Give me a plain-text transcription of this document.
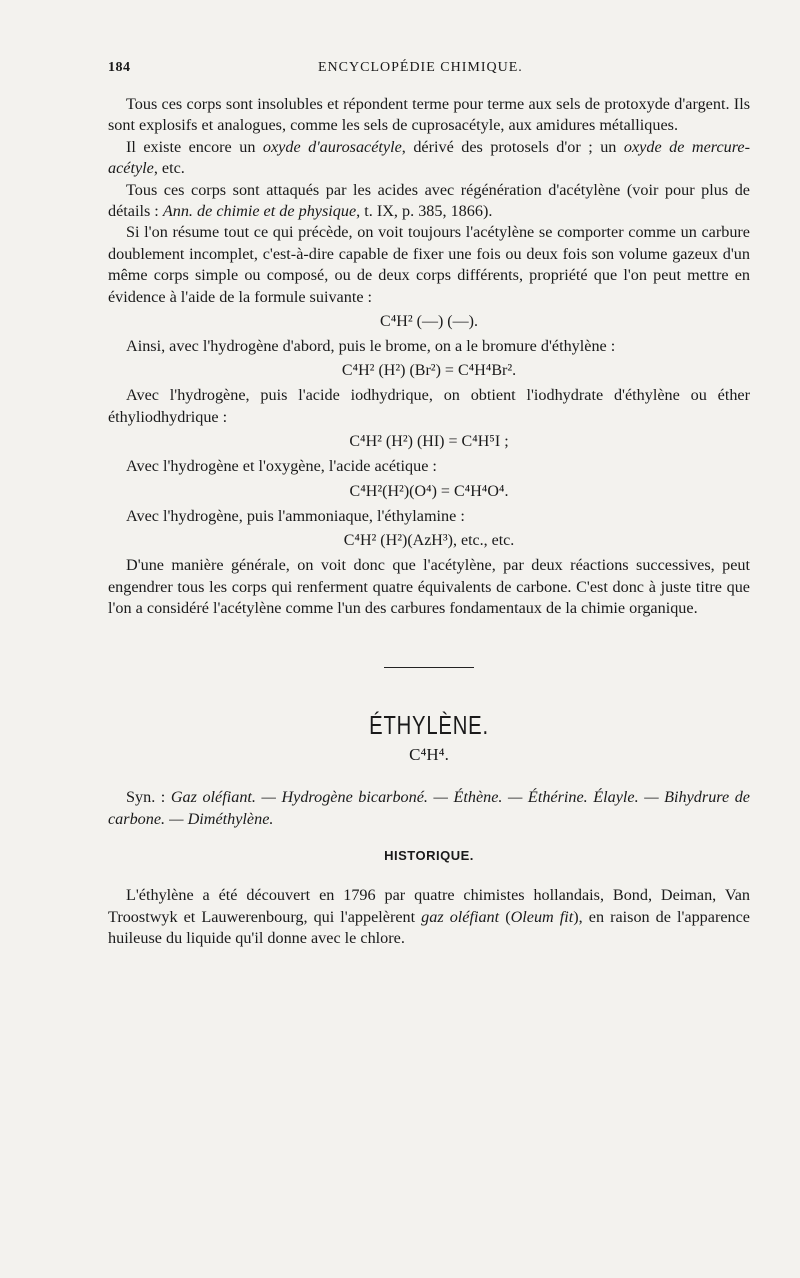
184	ENCYCLOPÉDIE CHIMIQUE.

Tous ces corps sont insolubles et répondent terme pour terme aux sels de protoxyde d'argent. Ils sont explosifs et analogues, comme les sels de cuprosacétyle, aux amidures métalliques.

Il existe encore un oxyde d'aurosacétyle, dérivé des protosels d'or ; un oxyde de mercure-acétyle, etc.

Tous ces corps sont attaqués par les acides avec régénération d'acétylène (voir pour plus de détails : Ann. de chimie et de physique, t. IX, p. 385, 1866).

Si l'on résume tout ce qui précède, on voit toujours l'acétylène se comporter comme un carbure doublement incomplet, c'est-à-dire capable de fixer une fois ou deux fois son volume gazeux d'un même corps simple ou composé, ou de deux corps différents, propriété que l'on peut mettre en évidence à l'aide de la formule suivante :

C⁴H² (—) (—).

Ainsi, avec l'hydrogène d'abord, puis le brome, on a le bromure d'éthylène :

C⁴H² (H²) (Br²) = C⁴H⁴Br².

Avec l'hydrogène, puis l'acide iodhydrique, on obtient l'iodhydrate d'éthylène ou éther éthyliodhydrique :

C⁴H² (H²) (HI) = C⁴H⁵I ;

Avec l'hydrogène et l'oxygène, l'acide acétique :

C⁴H²(H²)(O⁴) = C⁴H⁴O⁴.

Avec l'hydrogène, puis l'ammoniaque, l'éthylamine :

C⁴H² (H²)(AzH³), etc., etc.

D'une manière générale, on voit donc que l'acétylène, par deux réactions successives, peut engendrer tous les corps qui renferment quatre équivalents de carbone. C'est donc à juste titre que l'on a considéré l'acétylène comme l'un des carbures fondamentaux de la chimie organique.

ÉTHYLÈNE.
C⁴H⁴.

Syn. : Gaz oléfiant. — Hydrogène bicarboné. — Éthène. — Éthérine. Élayle. — Bihydrure de carbone. — Diméthylène.

HISTORIQUE.

L'éthylène a été découvert en 1796 par quatre chimistes hollandais, Bond, Deiman, Van Troostwyk et Lauwerenbourg, qui l'appelèrent gaz oléfiant (Oleum fit), en raison de l'apparence huileuse du liquide qu'il donne avec le chlore.
